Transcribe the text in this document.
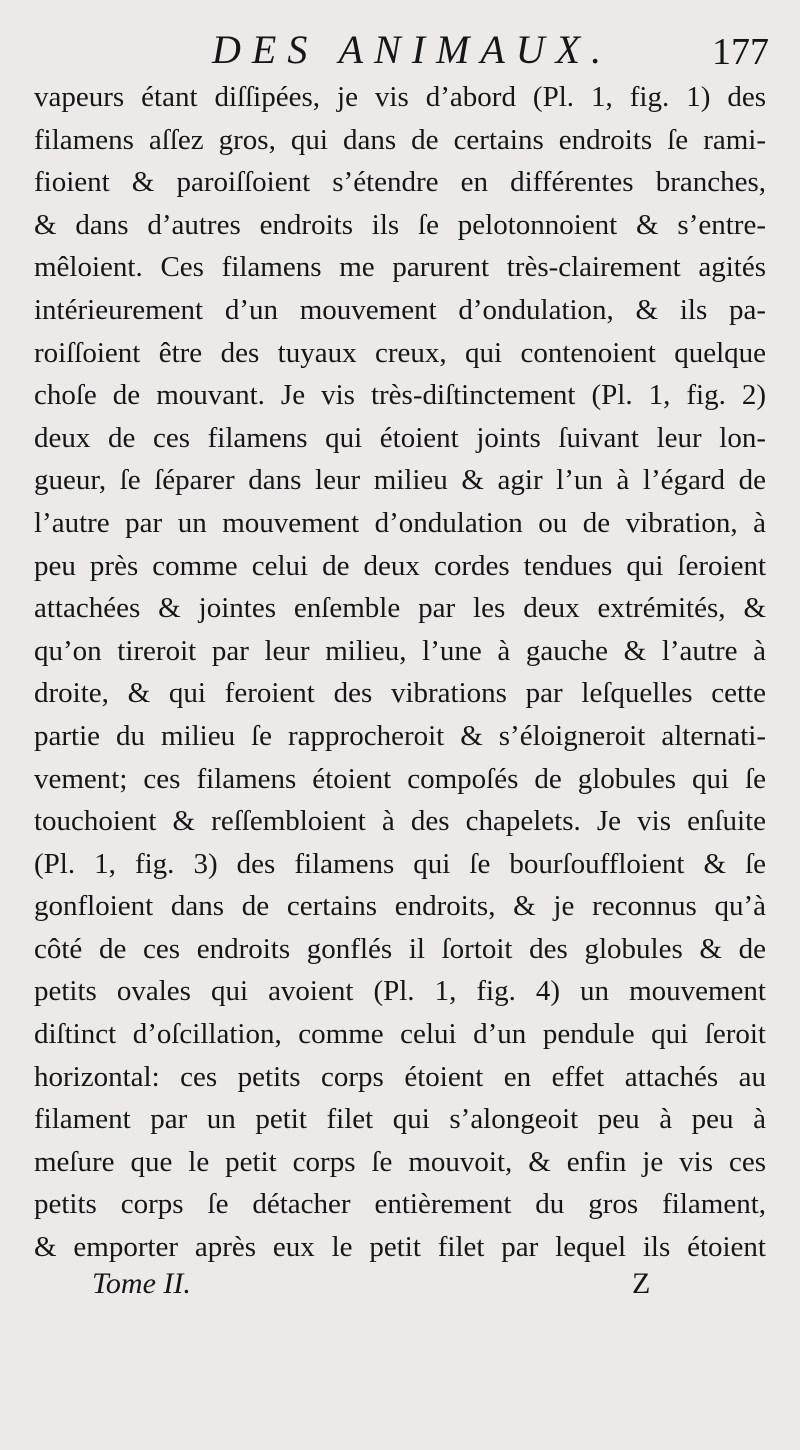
DES ANIMAUX.	177
vapeurs étant diſſipées, je vis d’abord (Pl. 1, fig. 1) des
filamens aſſez gros, qui dans de certains endroits ſe rami-
fioient & paroiſſoient s’étendre en différentes branches,
& dans d’autres endroits ils ſe pelotonnoient & s’entre-
mêloient. Ces filamens me parurent très-clairement agités
intérieurement d’un mouvement d’ondulation, & ils pa-
roiſſoient être des tuyaux creux, qui contenoient quelque
choſe de mouvant. Je vis très-diſtinctement (Pl. 1, fig. 2)
deux de ces filamens qui étoient joints ſuivant leur lon-
gueur, ſe ſéparer dans leur milieu & agir l’un à l’égard de
l’autre par un mouvement d’ondulation ou de vibration, à
peu près comme celui de deux cordes tendues qui ſeroient
attachées & jointes enſemble par les deux extrémités, &
qu’on tireroit par leur milieu, l’une à gauche & l’autre à
droite, & qui feroient des vibrations par leſquelles cette
partie du milieu ſe rapprocheroit & s’éloigneroit alternati-
vement; ces filamens étoient compoſés de globules qui ſe
touchoient & reſſembloient à des chapelets. Je vis enſuite
(Pl. 1, fig. 3) des filamens qui ſe bourſouffloient & ſe
gonfloient dans de certains endroits, & je reconnus qu’à
côté de ces endroits gonflés il ſortoit des globules & de
petits ovales qui avoient (Pl. 1, fig. 4) un mouvement
diſtinct d’oſcillation, comme celui d’un pendule qui ſeroit
horizontal: ces petits corps étoient en effet attachés au
filament par un petit filet qui s’alongeoit peu à peu à
meſure que le petit corps ſe mouvoit, & enfin je vis ces
petits corps ſe détacher entièrement du gros filament,
& emporter après eux le petit filet par lequel ils étoient
Tome II.	Z
